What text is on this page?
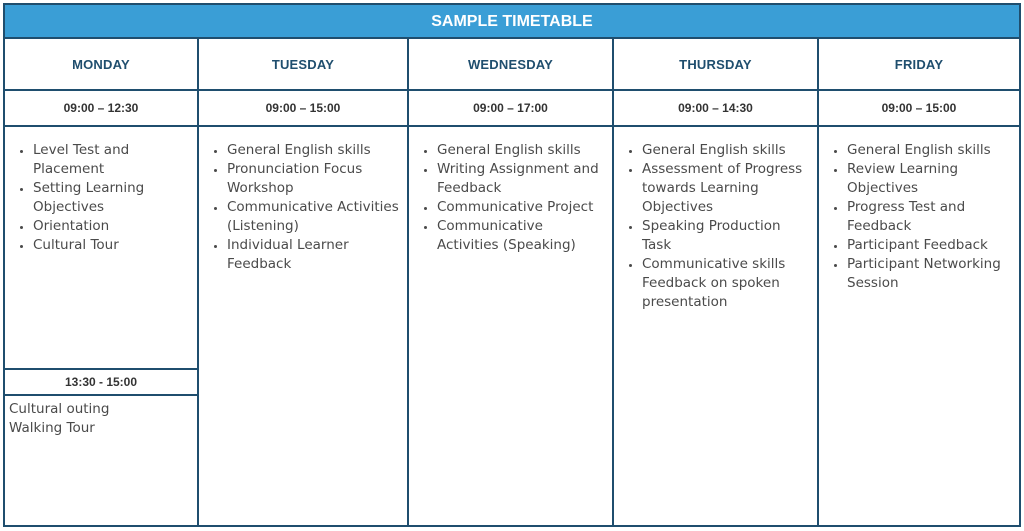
SAMPLE TIMETABLE
MONDAY
09:00 – 12:30
• Level Test and Placement
• Setting Learning Objectives
• Orientation
• Cultural Tour
13:30 - 15:00
Cultural outing
Walking Tour
TUESDAY
09:00 – 15:00
• General English skills
• Pronunciation Focus Workshop
• Communicative Activities (Listening)
• Individual Learner Feedback
WEDNESDAY
09:00 – 17:00
• General English skills
• Writing Assignment and Feedback
• Communicative Project
• Communicative Activities (Speaking)
THURSDAY
09:00 – 14:30
• General English skills
• Assessment of Progress towards Learning Objectives
• Speaking Production Task
• Communicative skills Feedback on spoken presentation
FRIDAY
09:00 – 15:00
• General English skills
• Review Learning Objectives
• Progress Test and Feedback
• Participant Feedback
• Participant Networking Session
